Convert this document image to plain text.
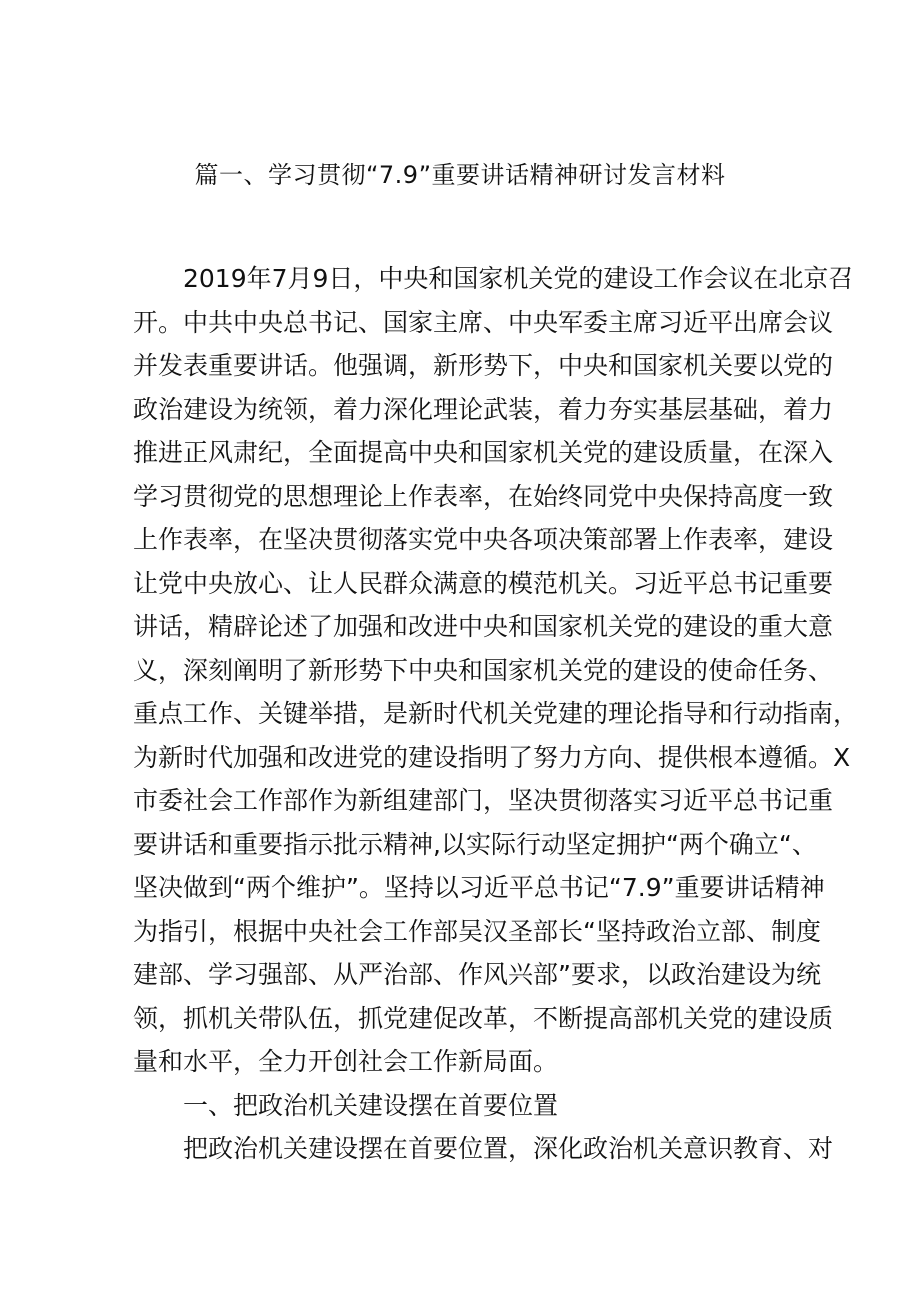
篇一、学习贯彻“7.9”重要讲话精神研讨发言材料
2019年7月9日，中央和国家机关党的建设工作会议在北京召
开。中共中央总书记、国家主席、中央军委主席习近平出席会议
并发表重要讲话。他强调，新形势下，中央和国家机关要以党的
政治建设为统领，着力深化理论武装，着力夯实基层基础，着力
推进正风肃纪，全面提高中央和国家机关党的建设质量，在深入
学习贯彻党的思想理论上作表率，在始终同党中央保持高度一致
上作表率，在坚决贯彻落实党中央各项决策部署上作表率，建设
让党中央放心、让人民群众满意的模范机关。习近平总书记重要
讲话，精辟论述了加强和改进中央和国家机关党的建设的重大意
义，深刻阐明了新形势下中央和国家机关党的建设的使命任务、
重点工作、关键举措，是新时代机关党建的理论指导和行动指南，
为新时代加强和改进党的建设指明了努力方向、提供根本遵循。X
市委社会工作部作为新组建部门，坚决贯彻落实习近平总书记重
要讲话和重要指示批示精神,以实际行动坚定拥护“两个确立“、
坚决做到“两个维护”。坚持以习近平总书记“7.9”重要讲话精神
为指引，根据中央社会工作部吴汉圣部长“坚持政治立部、制度
建部、学习强部、从严治部、作风兴部”要求，以政治建设为统
领，抓机关带队伍，抓党建促改革，不断提高部机关党的建设质
量和水平，全力开创社会工作新局面。
一、把政治机关建设摆在首要位置
把政治机关建设摆在首要位置，深化政治机关意识教育、对
